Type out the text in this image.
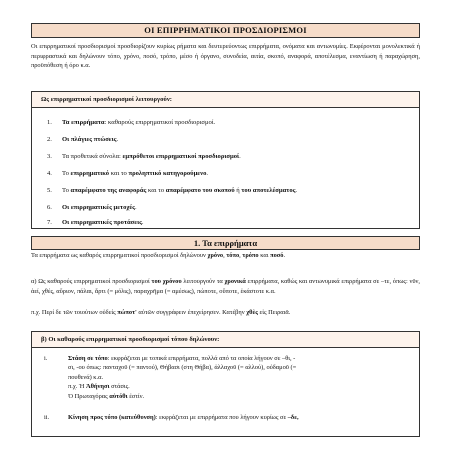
ΟΙ ΕΠΙΡΡΗΜΑΤΙΚΟΙ ΠΡΟΣΔΙΟΡΙΣΜΟΙ
Οι επιρρηματικοί προσδιορισμοί προσδιορίζουν κυρίως ρήματα και δευτερεύοντως επιρρήματα, ονόματα και αντωνυμίες. Εκφέρονται μονολεκτικά ή περιφραστικά και δηλώνουν τόπο, χρόνο, ποσό, τρόπο, μέσο ή όργανο, συνοδεία, αιτία, σκοπό, αναφορά, αποτέλεσμα, εναντίωση ή παραχώρηση, προϋπόθεση ή όρο κ.α.
Ως επιρρηματικοί προσδιορισμοί λειτουργούν:
1. Τα επιρρήματα: καθαρούς επιρρηματικοί προσδιορισμοί.
2. Οι πλάγιες πτώσεις.
3. Τα προθετικά σύνολα: εμπρόθετοι επιρρηματικοί προσδιορισμοί.
4. Το επιρρηματικό και το προληπτικό κατηγορούμενο.
5. Το απαρέμφατο της αναφοράς και το απαρέμφατο του σκοπού ή του αποτελέσματος.
6. Οι επιρρηματικές μετοχές.
7. Οι επιρρηματικές προτάσεις.
1. Τα επιρρήματα
Τα επιρρήματα ως καθαρός επιρρηματικοί προσδιορισμοί δηλώνουν χρόνο, τόπο, τρόπο και ποσό.
α) Ως καθαρούς επιρρηματικοί προσδιορισμοί του χρόνου λειτουργούν τα χρονικά επιρρήματα, καθώς και αντωνυμικά επιρρήματα σε –τε, όπως: νῦν, ἀεί, χθές, αὔριον, πάλαι, ἄρτι (= μόλις), παραχρῆμα (= αμέσως), πώποτε, οὔποτε, ἑκάστοτε κ.α.
π.χ. Περί δε τῶν τοιούτων οὐδείς πώποτ' αὐτῶν συγγράφειν ἐπεχείρησεν. Κατέβην χθὲς εἰς Πειραιᾶ.
β) Οι καθαρούς επιρρηματικοί προσδιορισμοί τόπου δηλώνουν:
i.	Στάση σε τόπο: εκφράζεται με τοπικά επιρρήματα, πολλά από τα οποία λήγουν σε –θι, -
σι, -ου όπως: πανταχοῦ (= παντού), Θήβασι (στη Θήβα), ἀλλαχοῦ (= αλλού), οὐδαμοῦ (=
πουθενά) κ.α.
π.χ. Ἡ Ἀθήνησι στάσις.
Ὁ Πρωταγόρας αὐτόθι ἐστίν.
ii.	Κίνηση προς τόπο (κατεύθυνση): εκφράζεται με επιρρήματα που λήγουν κυρίως σε –δε,
